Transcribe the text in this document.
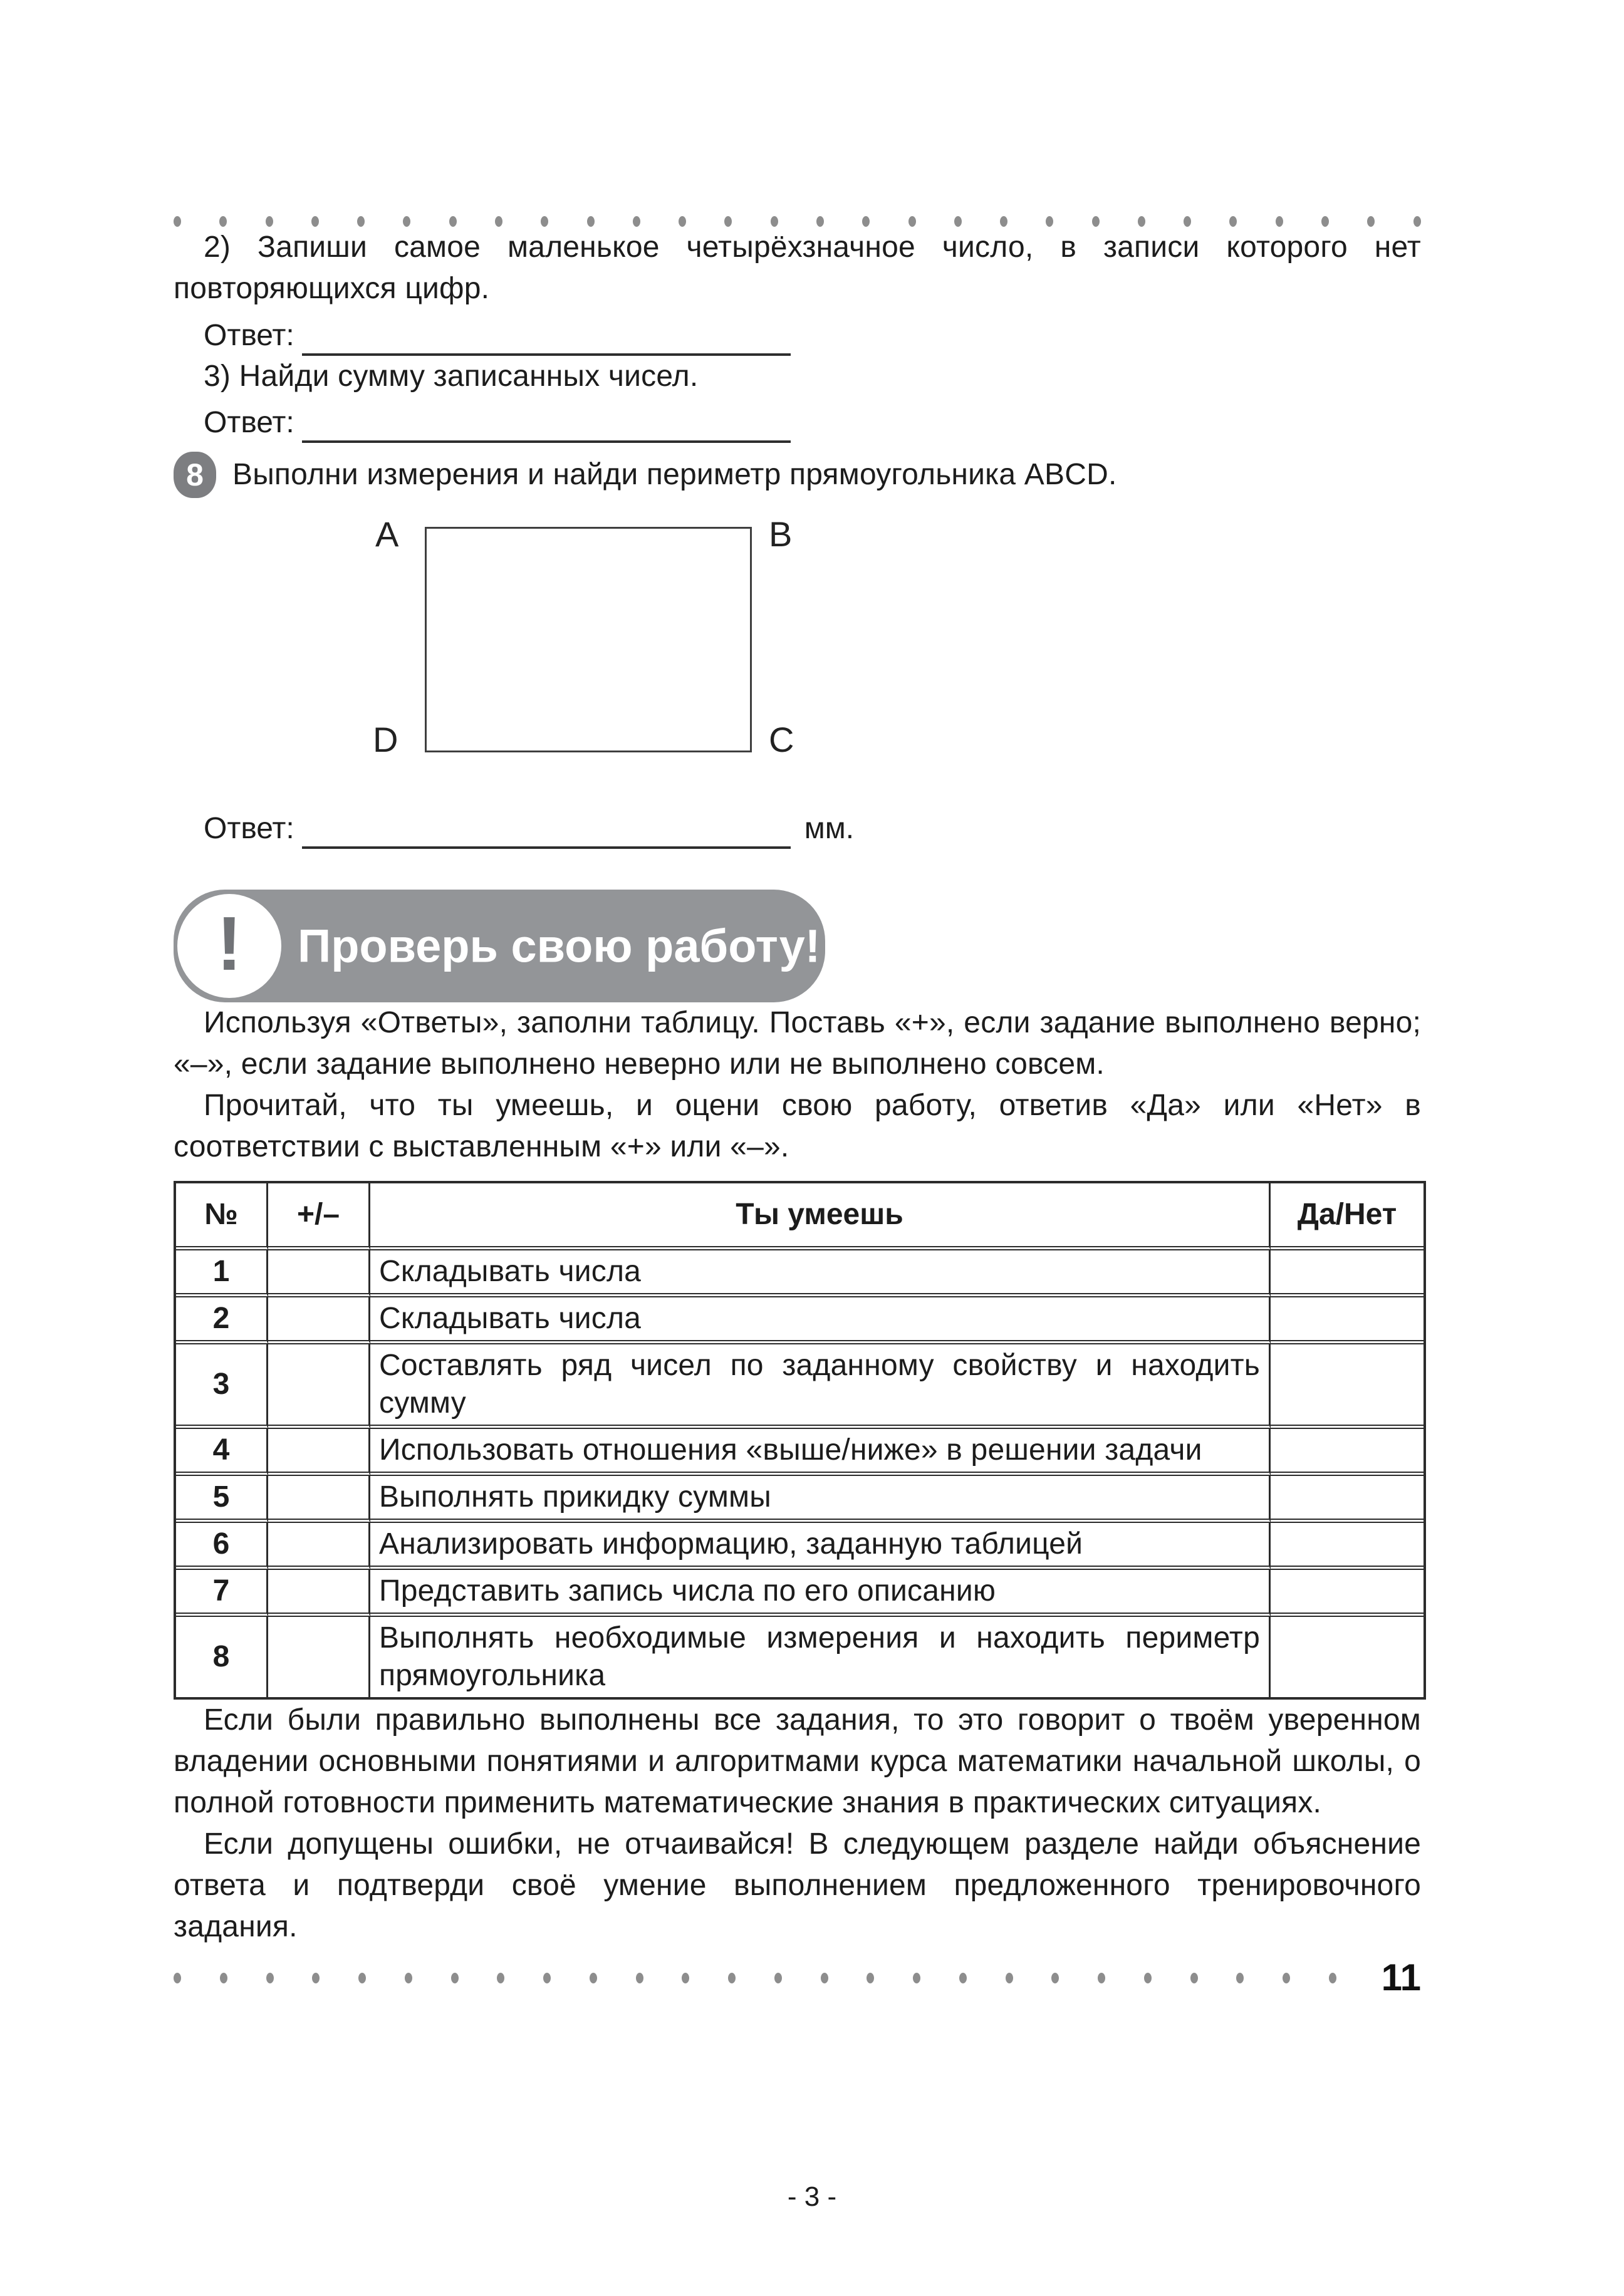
2) Запиши самое маленькое четырёхзначное число, в записи которого нет повторяющихся цифр.

Ответ:

3) Найди сумму записанных чисел.

Ответ:
8 Выполни измерения и найди периметр прямоугольника ABCD.
A	B
D	C
Ответ:	мм.
! Проверь свою работу!

Используя «Ответы», заполни таблицу. Поставь «+», если задание выполнено верно; «–», если задание выполнено неверно или не выполнено совсем.

Прочитай, что ты умеешь, и оцени свою работу, ответив «Да» или «Нет» в соответствии с выставленным «+» или «–».

№	+/–	Ты умеешь	Да/Нет
1		Складывать числа	
2		Складывать числа	
3		Составлять ряд чисел по заданному свойству и находить сумму	
4		Использовать отношения «выше/ниже» в решении задачи	
5		Выполнять прикидку суммы	
6		Анализировать информацию, заданную таблицей	
7		Представить запись числа по его описанию	
8		Выполнять необходимые измерения и находить периметр прямоугольника	

Если были правильно выполнены все задания, то это говорит о твоём уверенном владении основными понятиями и алгоритмами курса математики начальной школы, о полной готовности применить математические знания в практических ситуациях.

Если допущены ошибки, не отчаивайся! В следующем разделе найди объяснение ответа и подтверди своё умение выполнением предложенного тренировочного задания.

11
- 3 -
